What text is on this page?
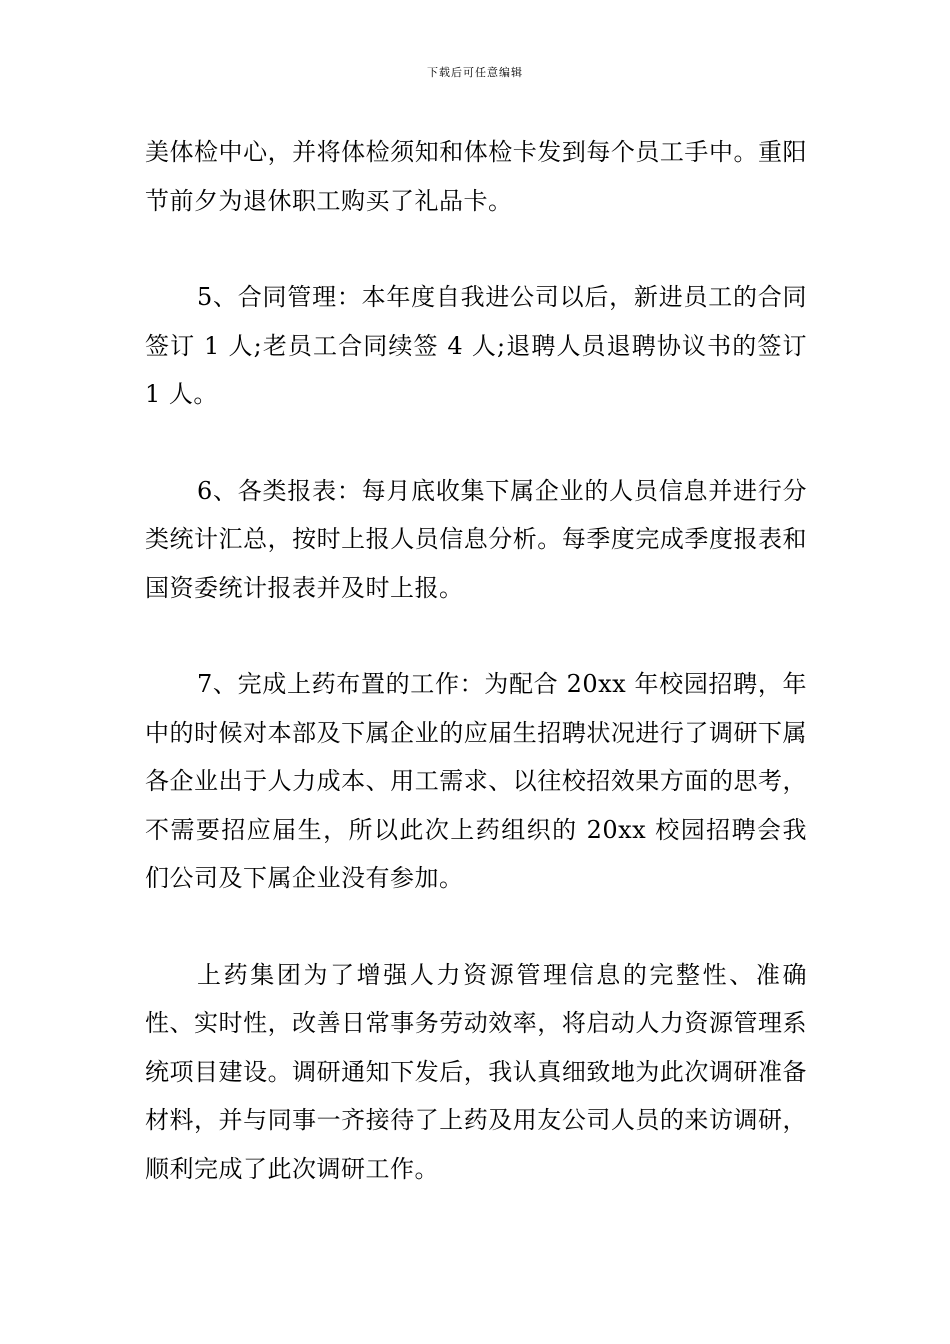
下载后可任意编辑

美体检中心，并将体检须知和体检卡发到每个员工手中。重阳节前夕为退休职工购买了礼品卡。

5、合同管理：本年度自我进公司以后，新进员工的合同签订 1 人;老员工合同续签 4 人;退聘人员退聘协议书的签订 1 人。

6、各类报表：每月底收集下属企业的人员信息并进行分类统计汇总，按时上报人员信息分析。每季度完成季度报表和国资委统计报表并及时上报。

7、完成上药布置的工作：为配合 20xx 年校园招聘，年中的时候对本部及下属企业的应届生招聘状况进行了调研下属各企业出于人力成本、用工需求、以往校招效果方面的思考，不需要招应届生，所以此次上药组织的 20xx 校园招聘会我们公司及下属企业没有参加。

上药集团为了增强人力资源管理信息的完整性、准确性、实时性，改善日常事务劳动效率，将启动人力资源管理系统项目建设。调研通知下发后，我认真细致地为此次调研准备材料，并与同事一齐接待了上药及用友公司人员的来访调研，顺利完成了此次调研工作。
